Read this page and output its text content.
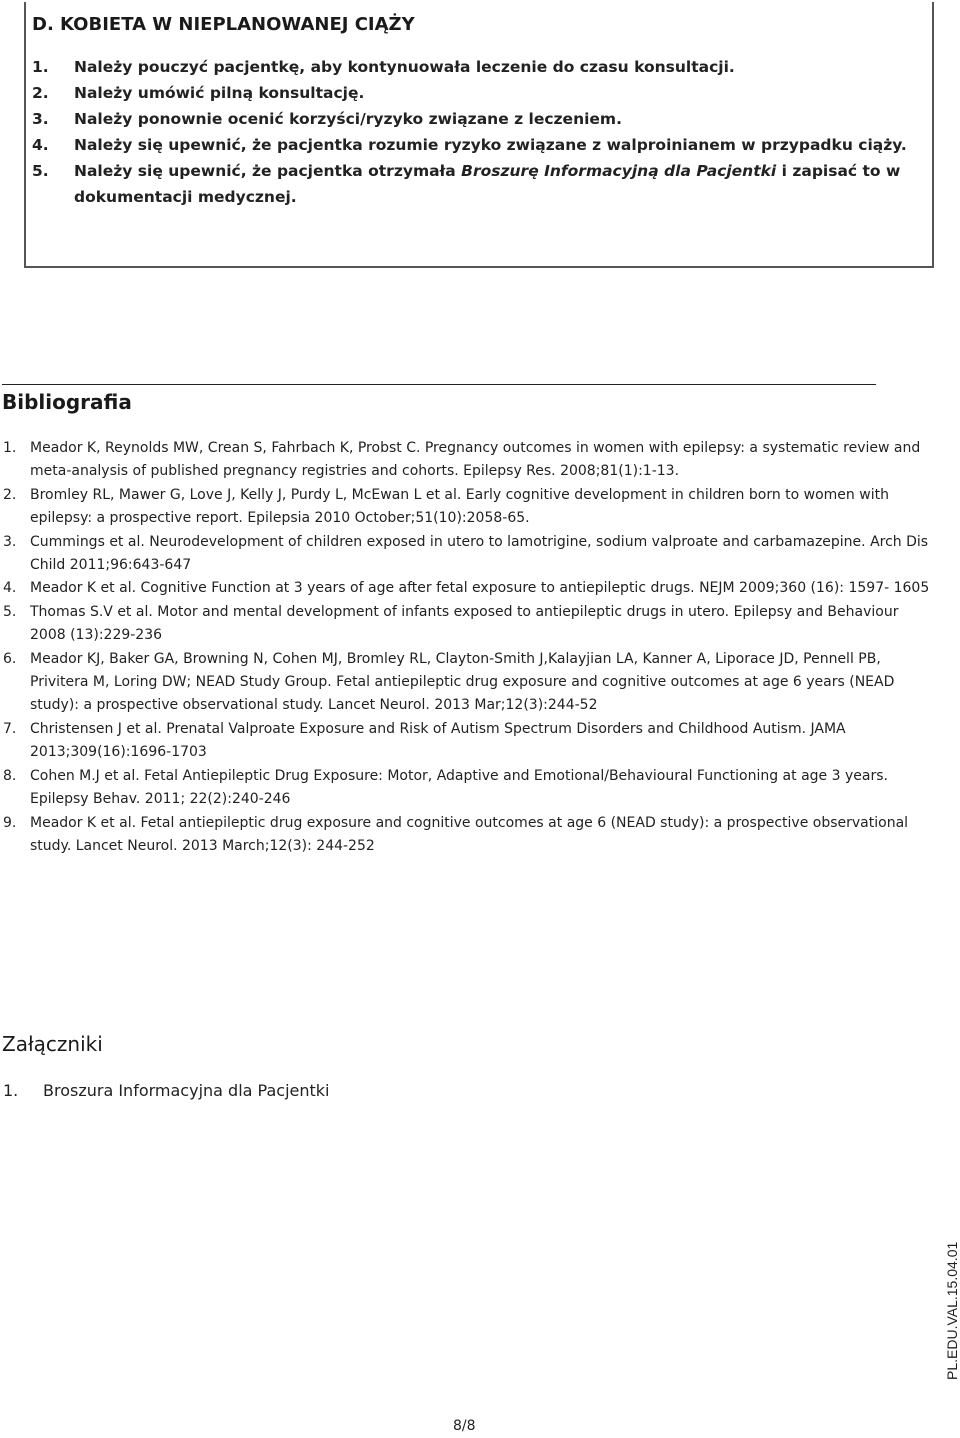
D. KOBIETA W NIEPLANOWANEJ CIĄŻY
1.	Należy pouczyć pacjentkę, aby kontynuowała leczenie do czasu konsultacji.
2.	Należy umówić pilną konsultację.
3.	Należy ponownie ocenić korzyści/ryzyko związane z leczeniem.
4.	Należy się upewnić, że pacjentka rozumie ryzyko związane z walproinianem w przypadku ciąży.
5.	Należy się upewnić, że pacjentka otrzymała Broszurę Informacyjną dla Pacjentki i zapisać to w dokumentacji medycznej.
Bibliografia
1. Meador K, Reynolds MW, Crean S, Fahrbach K, Probst C. Pregnancy outcomes in women with epilepsy: a systematic review and meta-analysis of published pregnancy registries and cohorts. Epilepsy Res. 2008;81(1):1-13.
2. Bromley RL, Mawer G, Love J, Kelly J, Purdy L, McEwan L et al. Early cognitive development in children born to women with epilepsy: a prospective report. Epilepsia 2010 October;51(10):2058-65.
3. Cummings et al. Neurodevelopment of children exposed in utero to lamotrigine, sodium valproate and carbamazepine. Arch Dis Child 2011;96:643-647
4. Meador K et al. Cognitive Function at 3 years of age after fetal exposure to antiepileptic drugs. NEJM 2009;360 (16): 1597- 1605
5. Thomas S.V et al. Motor and mental development of infants exposed to antiepileptic drugs in utero. Epilepsy and Behaviour 2008 (13):229-236
6. Meador KJ, Baker GA, Browning N, Cohen MJ, Bromley RL, Clayton-Smith J,Kalayjian LA, Kanner A, Liporace JD, Pennell PB, Privitera M, Loring DW; NEAD Study Group. Fetal antiepileptic drug exposure and cognitive outcomes at age 6 years (NEAD study): a prospective observational study. Lancet Neurol. 2013 Mar;12(3):244-52
7. Christensen J et al. Prenatal Valproate Exposure and Risk of Autism Spectrum Disorders and Childhood Autism. JAMA 2013;309(16):1696-1703
8. Cohen M.J et al. Fetal Antiepileptic Drug Exposure: Motor, Adaptive and Emotional/Behavioural Functioning at age 3 years. Epilepsy Behav. 2011; 22(2):240-246
9. Meador K et al. Fetal antiepileptic drug exposure and cognitive outcomes at age 6 (NEAD study): a prospective observational study. Lancet Neurol. 2013 March;12(3): 244-252
Załączniki
1. Broszura Informacyjna dla Pacjentki
PL.EDU.VAL.15.04.01
8/8
